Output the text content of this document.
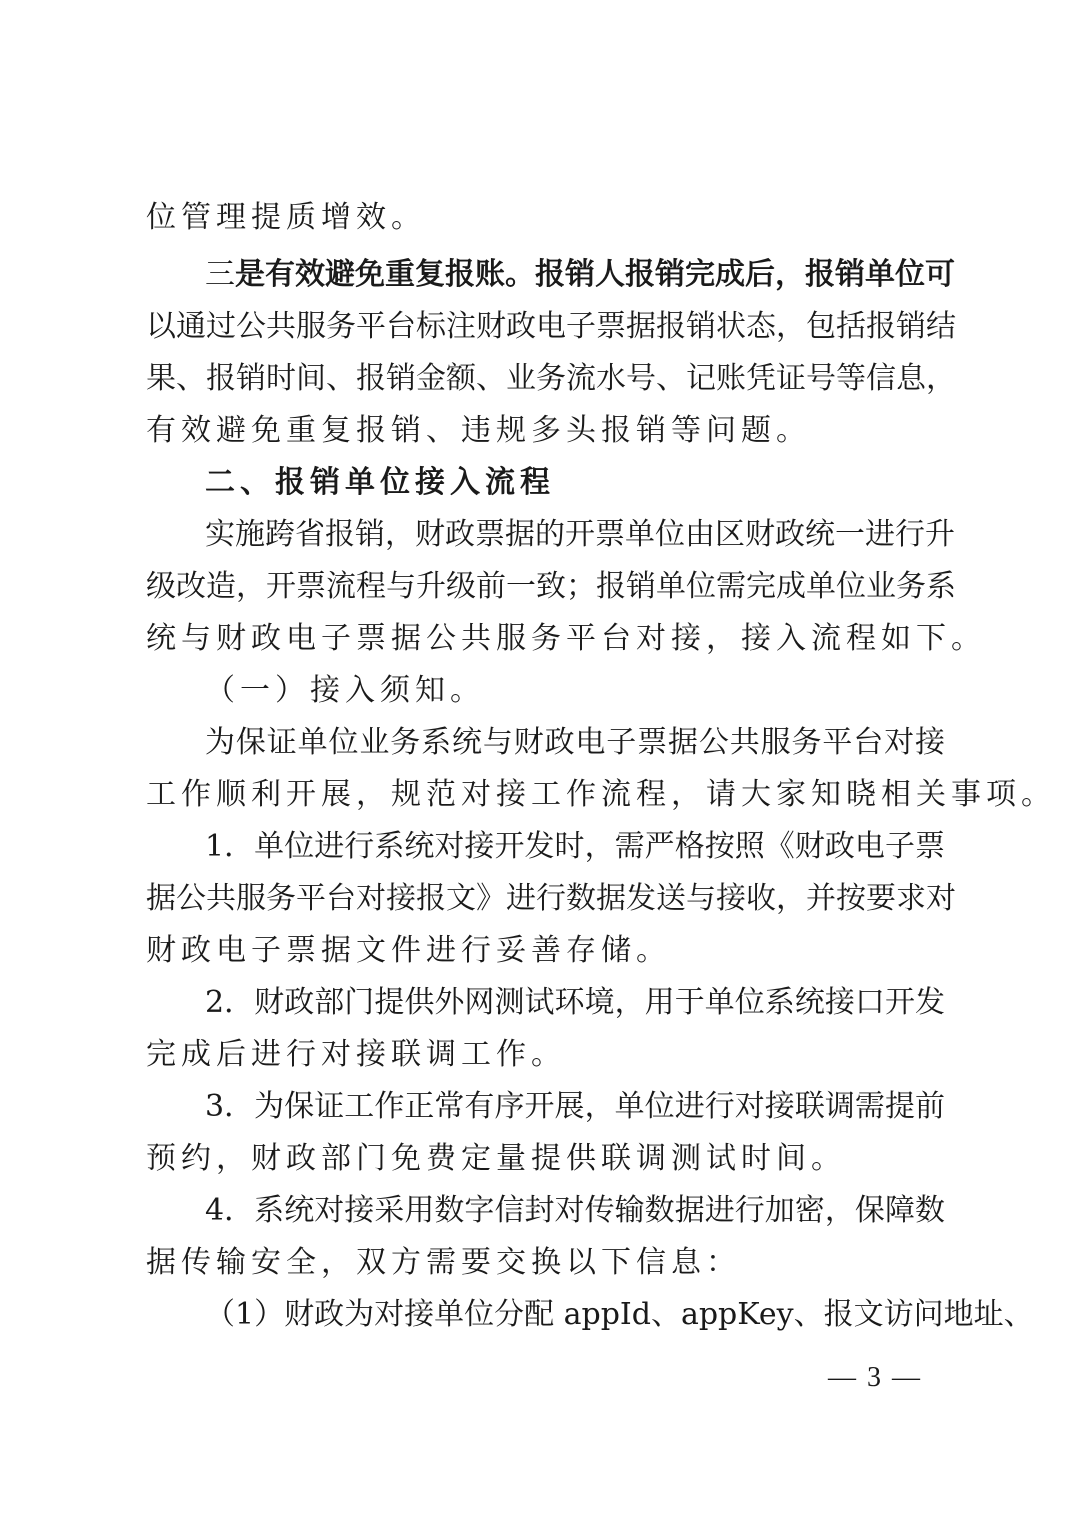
位管理提质增效。
三是有效避免重复报账。报销人报销完成后，报销单位可
以通过公共服务平台标注财政电子票据报销状态，包括报销结
果、报销时间、报销金额、业务流水号、记账凭证号等信息，
有效避免重复报销、违规多头报销等问题。
二、报销单位接入流程
实施跨省报销，财政票据的开票单位由区财政统一进行升
级改造，开票流程与升级前一致；报销单位需完成单位业务系
统与财政电子票据公共服务平台对接，接入流程如下。
（一）接入须知。
为保证单位业务系统与财政电子票据公共服务平台对接
工作顺利开展，规范对接工作流程，请大家知晓相关事项。
1．单位进行系统对接开发时，需严格按照《财政电子票
据公共服务平台对接报文》进行数据发送与接收，并按要求对
财政电子票据文件进行妥善存储。
2．财政部门提供外网测试环境，用于单位系统接口开发
完成后进行对接联调工作。
3．为保证工作正常有序开展，单位进行对接联调需提前
预约，财政部门免费定量提供联调测试时间。
4．系统对接采用数字信封对传输数据进行加密，保障数
据传输安全，双方需要交换以下信息：
（1）财政为对接单位分配 appId、appKey、报文访问地址、
— 3 —
